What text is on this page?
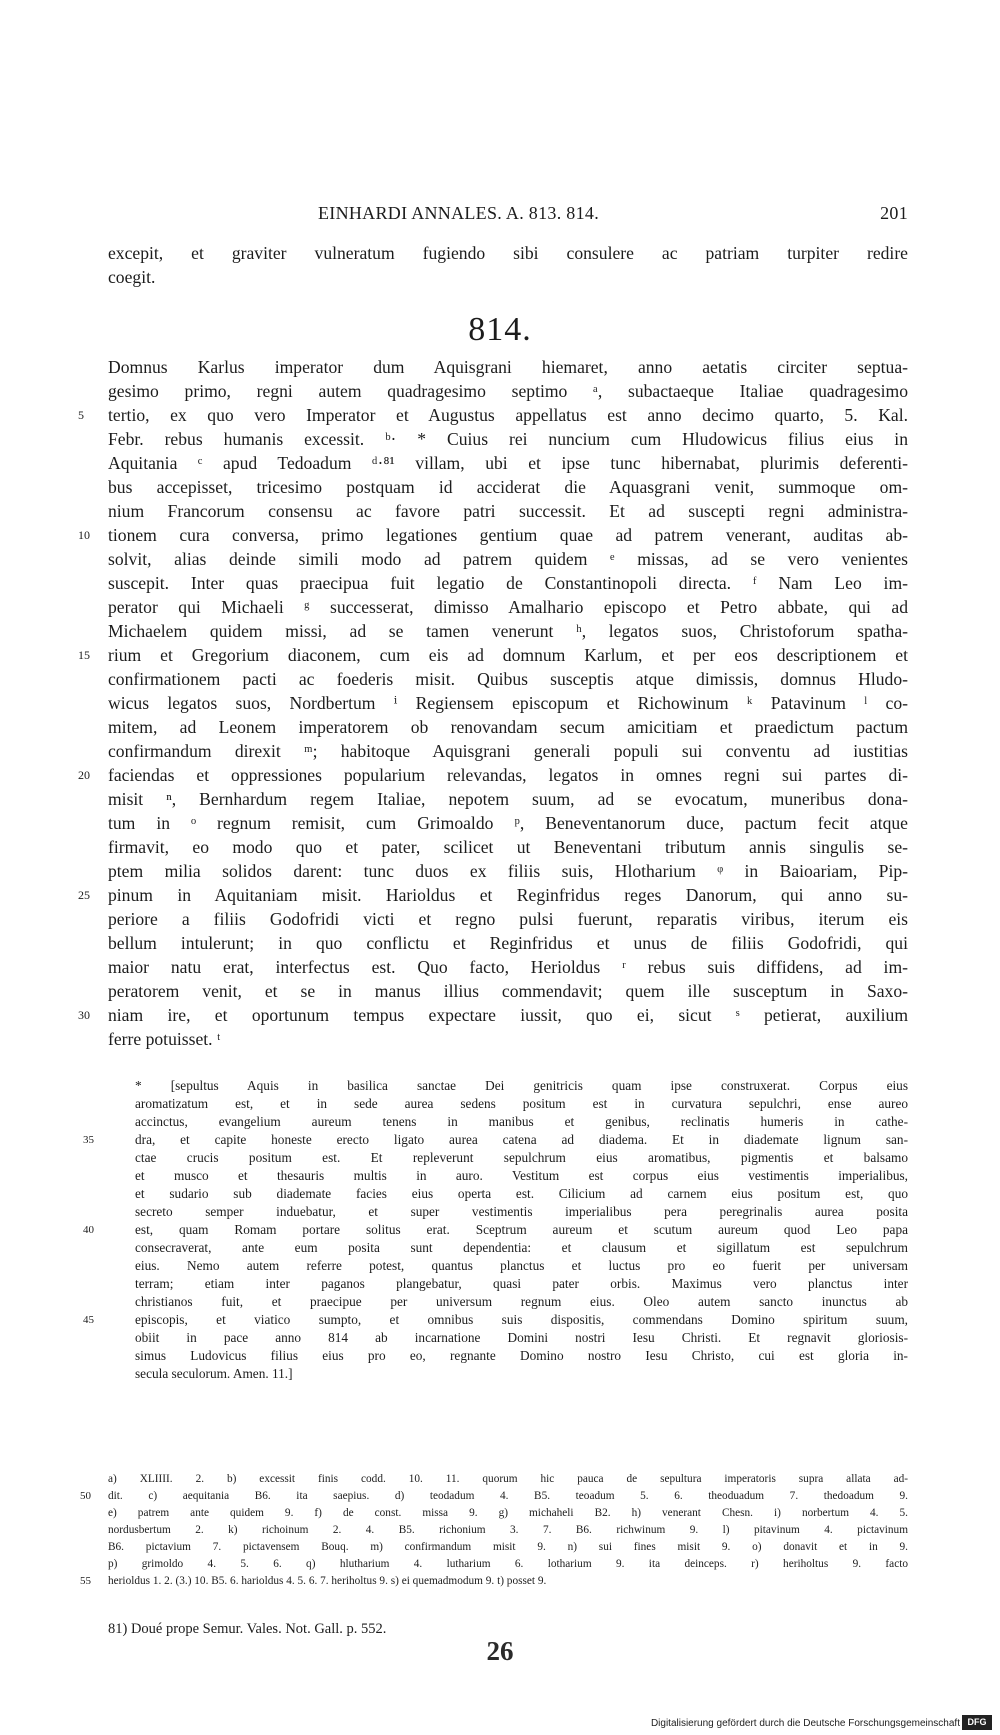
EINHARDI ANNALES. A. 813. 814.	201
excepit, et graviter vulneratum fugiendo sibi consulere ac patriam turpiter redire
coegit.
814.
Domnus Karlus imperator dum Aquisgrani hiemaret, anno aetatis circiter septua-
gesimo primo, regni autem quadragesimo septimo ᵃ, subactaeque Italiae quadragesimo
5	tertio, ex quo vero Imperator et Augustus appellatus est anno decimo quarto, 5. Kal.
Febr. rebus humanis excessit. ᵇ· * Cuius rei nuncium cum Hludowicus filius eius in
Aquitania ᶜ apud Tedoadum ᵈ·⁸¹ villam, ubi et ipse tunc hibernabat, plurimis deferenti-
bus accepisset, tricesimo postquam id acciderat die Aquasgrani venit, summoque om-
nium Francorum consensu ac favore patri successit. Et ad suscepti regni administra-
10	tionem cura conversa, primo legationes gentium quae ad patrem venerant, auditas ab-
solvit, alias deinde simili modo ad patrem quidem ᵉ missas, ad se vero venientes
suscepit. Inter quas praecipua fuit legatio de Constantinopoli directa. ᶠ Nam Leo im-
perator qui Michaeli ᵍ successerat, dimisso Amalhario episcopo et Petro abbate, qui ad
Michaelem quidem missi, ad se tamen venerunt ʰ, legatos suos, Christoforum spatha-
15	rium et Gregorium diaconem, cum eis ad domnum Karlum, et per eos descriptionem et
confirmationem pacti ac foederis misit. Quibus susceptis atque dimissis, domnus Hludo-
wicus legatos suos, Nordbertum ⁱ Regiensem episcopum et Richowinum ᵏ Patavinum ˡ co-
mitem, ad Leonem imperatorem ob renovandam secum amicitiam et praedictum pactum
confirmandum direxit ᵐ; habitoque Aquisgrani generali populi sui conventu ad iustitias
20	faciendas et oppressiones popularium relevandas, legatos in omnes regni sui partes di-
misit ⁿ, Bernhardum regem Italiae, nepotem suum, ad se evocatum, muneribus dona-
tum in ᵒ regnum remisit, cum Grimoaldo ᵖ, Beneventanorum duce, pactum fecit atque
firmavit, eo modo quo et pater, scilicet ut Beneventani tributum annis singulis se-
ptem milia solidos darent: tunc duos ex filiis suis, Hlotharium ᵠ in Baioariam, Pip-
25	pinum in Aquitaniam misit. Harioldus et Reginfridus reges Danorum, qui anno su-
periore a filiis Godofridi victi et regno pulsi fuerunt, reparatis viribus, iterum eis
bellum intulerunt; in quo conflictu et Reginfridus et unus de filiis Godofridi, qui
maior natu erat, interfectus est. Quo facto, Herioldus ʳ rebus suis diffidens, ad im-
peratorem venit, et se in manus illius commendavit; quem ille susceptum in Saxo-
30	niam ire, et oportunum tempus expectare iussit, quo ei, sicut ˢ petierat, auxilium
ferre potuisset. ᵗ
* [sepultus Aquis in basilica sanctae Dei genitricis quam ipse construxerat. Corpus eius
aromatizatum est, et in sede aurea sedens positum est in curvatura sepulchri, ense aureo
accinctus, evangelium aureum tenens in manibus et genibus, reclinatis humeris in cathe-
35	dra, et capite honeste erecto ligato aurea catena ad diadema. Et in diademate lignum san-
ctae crucis positum est. Et repleverunt sepulchrum eius aromatibus, pigmentis et balsamo
et musco et thesauris multis in auro. Vestitum est corpus eius vestimentis imperialibus,
et sudario sub diademate facies eius operta est. Cilicium ad carnem eius positum est, quo
secreto semper induebatur, et super vestimentis imperialibus pera peregrinalis aurea posita
40	est, quam Romam portare solitus erat. Sceptrum aureum et scutum aureum quod Leo papa
consecraverat, ante eum posita sunt dependentia: et clausum et sigillatum est sepulchrum
eius. Nemo autem referre potest, quantus planctus et luctus pro eo fuerit per universam
terram; etiam inter paganos plangebatur, quasi pater orbis. Maximus vero planctus inter
christianos fuit, et praecipue per universum regnum eius. Oleo autem sancto inunctus ab
45	episcopis, et viatico sumpto, et omnibus suis dispositis, commendans Domino spiritum suum,
obiit in pace anno 814 ab incarnatione Domini nostri Iesu Christi. Et regnavit gloriosis-
simus Ludovicus filius eius pro eo, regnante Domino nostro Iesu Christo, cui est gloria in-
secula seculorum. Amen. 11.]
a) XLIIII. 2. b) excessit finis codd. 10. 11. quorum hic pauca de sepultura imperatoris supra allata ad-
50	dit. c) aequitania B6. ita saepius. d) teodadum 4. B5. teoadum 5. 6. theoduadum 7. thedoadum 9.
e) patrem ante quidem 9. f) de const. missa 9. g) michaheli B2. h) venerant Chesn. i) norbertum 4. 5.
nordusbertum 2. k) richoinum 2. 4. B5. richonium 3. 7. B6. richwinum 9. l) pitavinum 4. pictavinum
B6. pictavium 7. pictavensem Bouq. m) confirmandum misit 9. n) sui fines misit 9. o) donavit et in 9.
p) grimoldo 4. 5. 6. q) hlutharium 4. lutharium 6. lotharium 9. ita deinceps. r) heriholtus 9. facto
55	herioldus 1. 2. (3.) 10. B5. 6. harioldus 4. 5. 6. 7. heriholtus 9. s) ei quemadmodum 9. t) posset 9.
81) Doué prope Semur. Vales. Not. Gall. p. 552.
26
Digitalisierung gefördert durch die Deutsche Forschungsgemeinschaft DFG
